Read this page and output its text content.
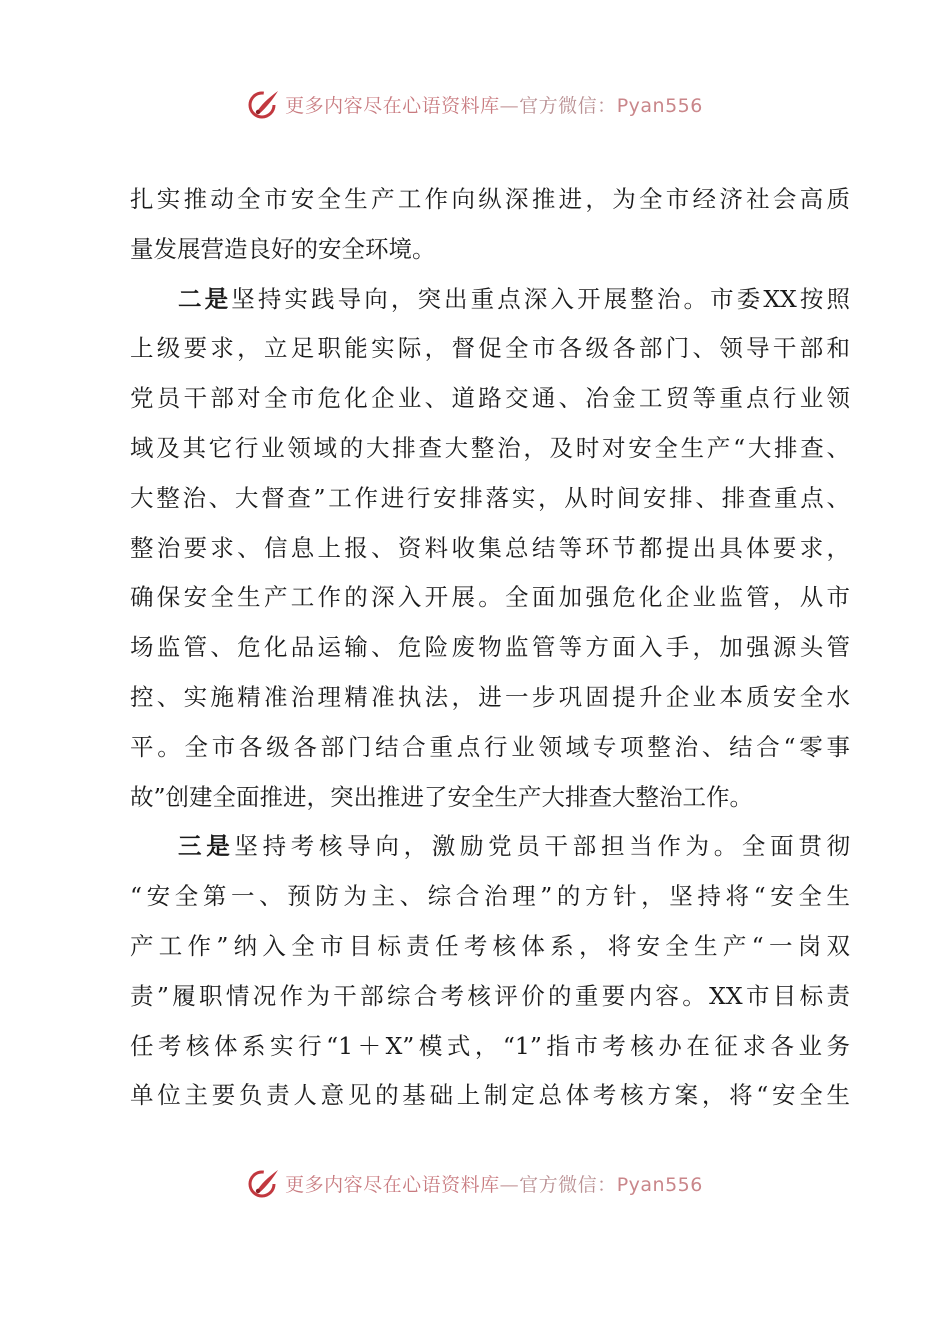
更多内容尽在心语资料库—官方微信：Pyan556
扎实推动全市安全生产工作向纵深推进，为全市经济社会高质
量发展营造良好的安全环境。
二是坚持实践导向，突出重点深入开展整治。市委XX按照
上级要求，立足职能实际，督促全市各级各部门、领导干部和
党员干部对全市危化企业、道路交通、冶金工贸等重点行业领
域及其它行业领域的大排查大整治，及时对安全生产“大排查、
大整治、大督查”工作进行安排落实，从时间安排、排查重点、
整治要求、信息上报、资料收集总结等环节都提出具体要求，
确保安全生产工作的深入开展。全面加强危化企业监管，从市
场监管、危化品运输、危险废物监管等方面入手，加强源头管
控、实施精准治理精准执法，进一步巩固提升企业本质安全水
平。全市各级各部门结合重点行业领域专项整治、结合“零事
故”创建全面推进，突出推进了安全生产大排查大整治工作。
三是坚持考核导向，激励党员干部担当作为。全面贯彻
“安全第一、预防为主、综合治理”的方针，坚持将“安全生
产工作”纳入全市目标责任考核体系，将安全生产“一岗双
责”履职情况作为干部综合考核评价的重要内容。XX市目标责
任考核体系实行“1＋X”模式，“1”指市考核办在征求各业务
单位主要负责人意见的基础上制定总体考核方案，将“安全生
更多内容尽在心语资料库—官方微信：Pyan556
